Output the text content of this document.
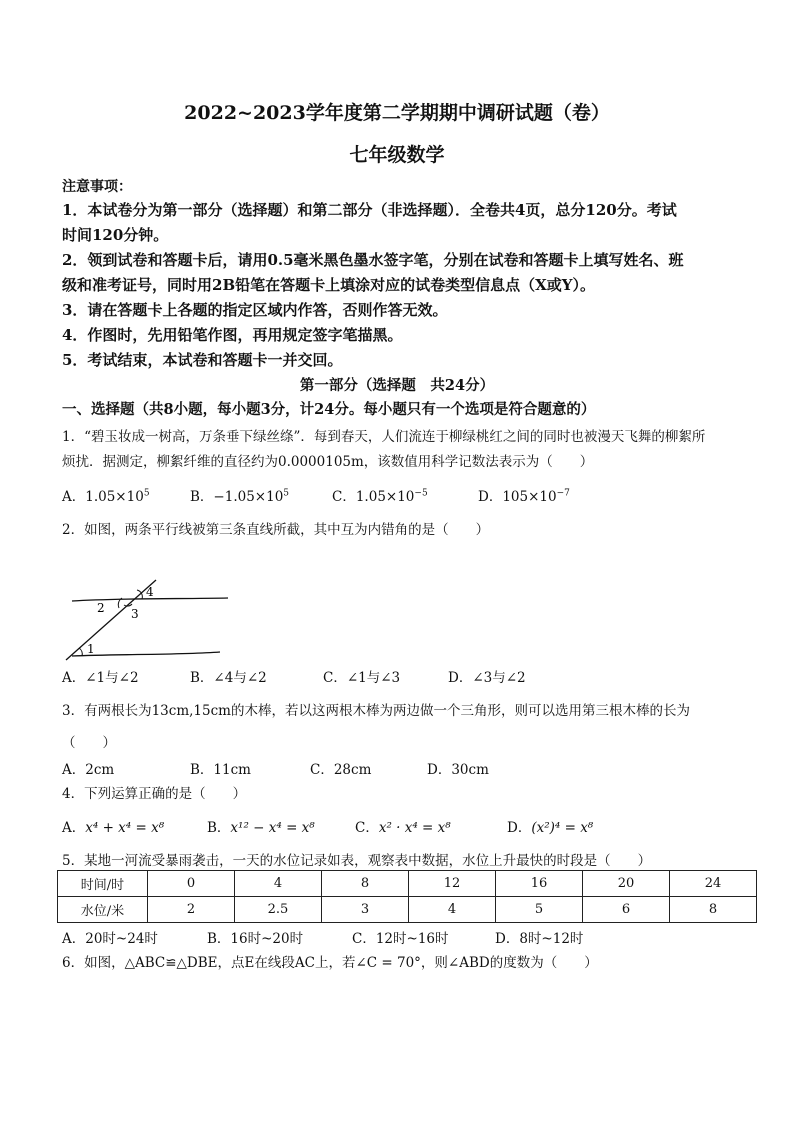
2022~2023学年度第二学期期中调研试题（卷）
七年级数学
注意事项：
1．本试卷分为第一部分（选择题）和第二部分（非选择题）．全卷共4页，总分120分。考试
时间120分钟。
2．领到试卷和答题卡后，请用0.5毫米黑色墨水签字笔，分别在试卷和答题卡上填写姓名、班
级和准考证号，同时用2B铅笔在答题卡上填涂对应的试卷类型信息点（X或Y）。
3．请在答题卡上各题的指定区域内作答，否则作答无效。
4．作图时，先用铅笔作图，再用规定签字笔描黑。
5．考试结束，本试卷和答题卡一并交回。
第一部分（选择题　共24分）
一、选择题（共8小题，每小题3分，计24分。每小题只有一个选项是符合题意的）
1．“碧玉妆成一树高，万条垂下绿丝绦”．每到春天，人们流连于柳绿桃红之间的同时也被漫天飞舞的柳絮所
烦扰．据测定，柳絮纤维的直径约为0.0000105m，该数值用科学记数法表示为（　　）
A．$1.05\times 10^5$	B．$-1.05\times 10^5$	C．$1.05\times 10^{-5}$	D．$105\times 10^{-7}$
2．如图，两条平行线被第三条直线所截，其中互为内错角的是（　　）
1
2 3
4
A．∠1与∠2	B．∠4与∠2	C．∠1与∠3	D．∠3与∠2
3．有两根长为13cm,15cm的木棒，若以这两根木棒为两边做一个三角形，则可以选用第三根木棒的长为
（　　）
A．2cm	B．11cm	C．28cm	D．30cm
4．下列运算正确的是（　　）
A．x⁴ + x⁴ = x⁸	B．x¹² − x⁴ = x⁸	C．x² · x⁴ = x⁸	D．(x²)⁴ = x⁸
5．某地一河流受暴雨袭击，一天的水位记录如表，观察表中数据，水位上升最快的时段是（　　）
时间/时	0	4	8	12	16	20	24
水位/米	2	2.5	3	4	5	6	8
A．20时~24时	B．16时~20时	C．12时~16时	D．8时~12时
6．如图，△ABC≌△DBE，点E在线段AC上，若∠C = 70°，则∠ABD的度数为（　　）
